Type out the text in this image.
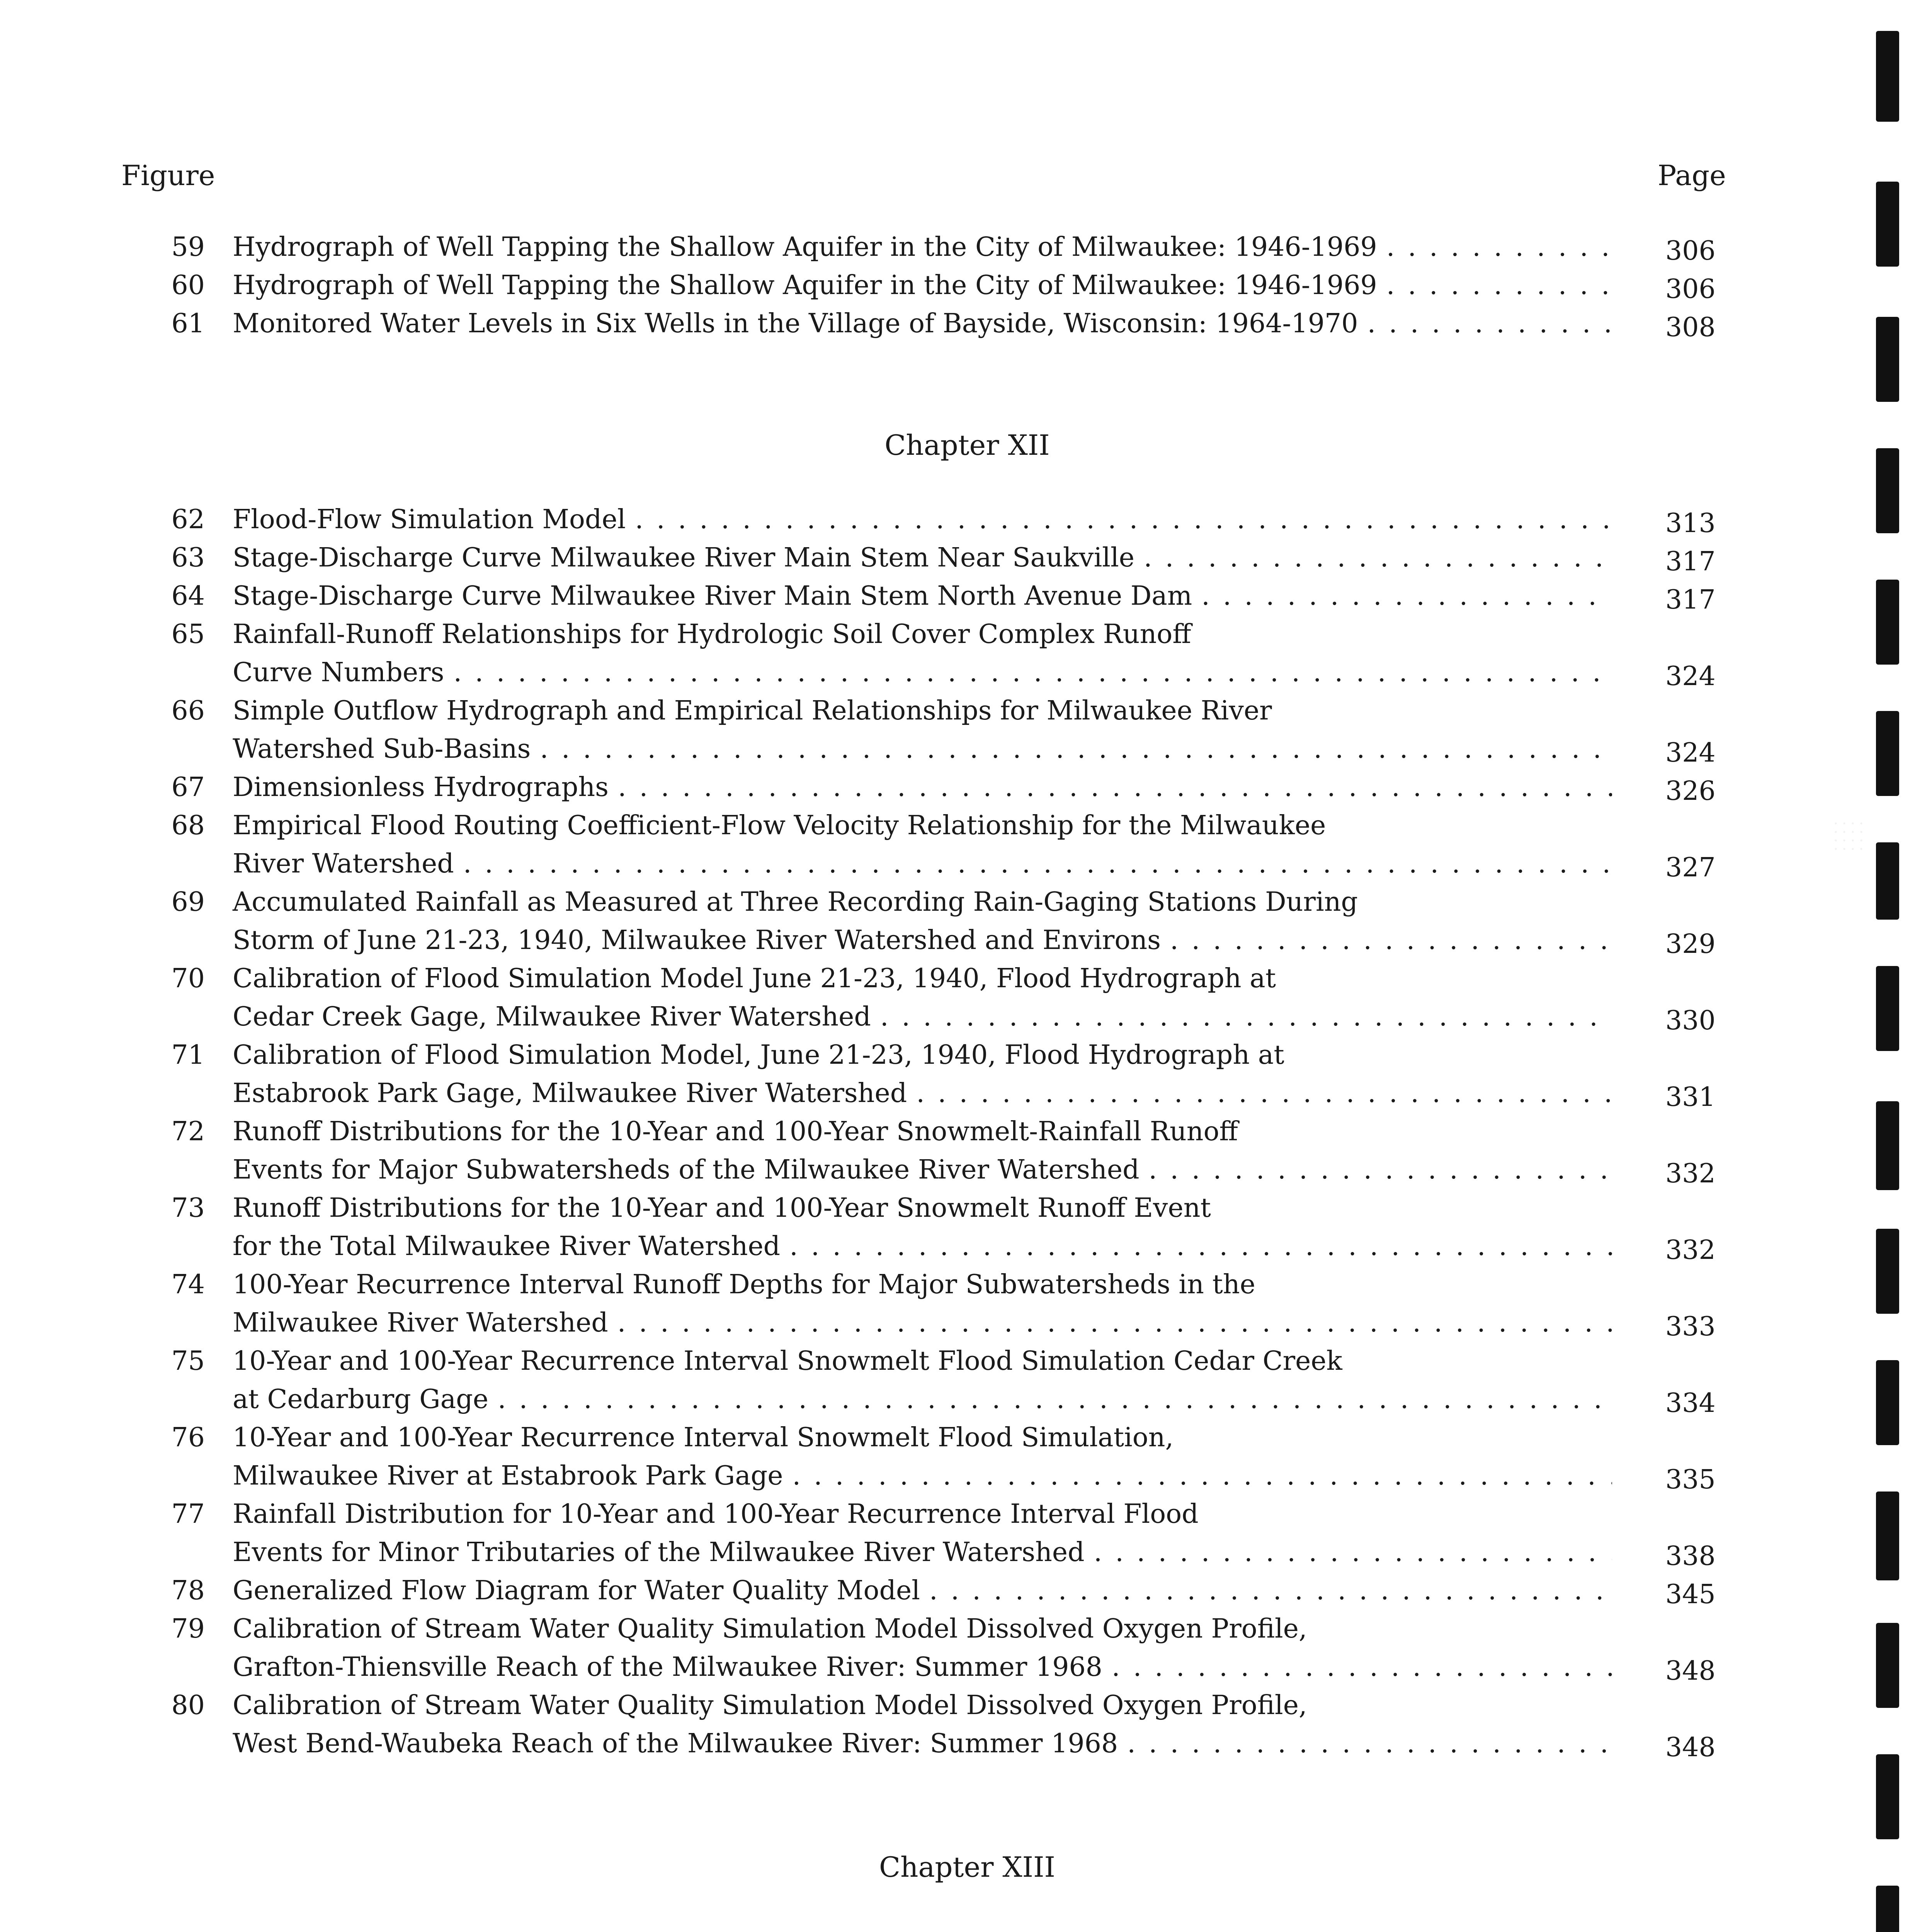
Figure	Page
59 Hydrograph of Well Tapping the Shallow Aquifer in the City of Milwaukee: 1946-1969 .....	306
60 Hydrograph of Well Tapping the Shallow Aquifer in the City of Milwaukee: 1946-1969 .....	306
61 Monitored Water Levels in Six Wells in the Village of Bayside, Wisconsin: 1964-1970 .....	308
Chapter XII
62 Flood-Flow Simulation Model .....	313
63 Stage-Discharge Curve Milwaukee River Main Stem Near Saukville .....	317
64 Stage-Discharge Curve Milwaukee River Main Stem North Avenue Dam .....	317
65 Rainfall-Runoff Relationships for Hydrologic Soil Cover Complex Runoff
Curve Numbers .....	324
66 Simple Outflow Hydrograph and Empirical Relationships for Milwaukee River
Watershed Sub-Basins .....	324
67 Dimensionless Hydrographs .....	326
68 Empirical Flood Routing Coefficient-Flow Velocity Relationship for the Milwaukee
River Watershed .....	327
69 Accumulated Rainfall as Measured at Three Recording Rain-Gaging Stations During
Storm of June 21-23, 1940, Milwaukee River Watershed and Environs .....	329
70 Calibration of Flood Simulation Model June 21-23, 1940, Flood Hydrograph at
Cedar Creek Gage, Milwaukee River Watershed .....	330
71 Calibration of Flood Simulation Model, June 21-23, 1940, Flood Hydrograph at
Estabrook Park Gage, Milwaukee River Watershed .....	331
72 Runoff Distributions for the 10-Year and 100-Year Snowmelt-Rainfall Runoff
Events for Major Subwatersheds of the Milwaukee River Watershed .....	332
73 Runoff Distributions for the 10-Year and 100-Year Snowmelt Runoff Event
for the Total Milwaukee River Watershed .....	332
74 100-Year Recurrence Interval Runoff Depths for Major Subwatersheds in the
Milwaukee River Watershed .....	333
75 10-Year and 100-Year Recurrence Interval Snowmelt Flood Simulation Cedar Creek
at Cedarburg Gage .....	334
76 10-Year and 100-Year Recurrence Interval Snowmelt Flood Simulation,
Milwaukee River at Estabrook Park Gage .....	335
77 Rainfall Distribution for 10-Year and 100-Year Recurrence Interval Flood
Events for Minor Tributaries of the Milwaukee River Watershed .....	338
78 Generalized Flow Diagram for Water Quality Model .....	345
79 Calibration of Stream Water Quality Simulation Model Dissolved Oxygen Profile,
Grafton-Thiensville Reach of the Milwaukee River: Summer 1968 .....	348
80 Calibration of Stream Water Quality Simulation Model Dissolved Oxygen Profile,
West Bend-Waubeka Reach of the Milwaukee River: Summer 1968 .....	348
Chapter XIII
